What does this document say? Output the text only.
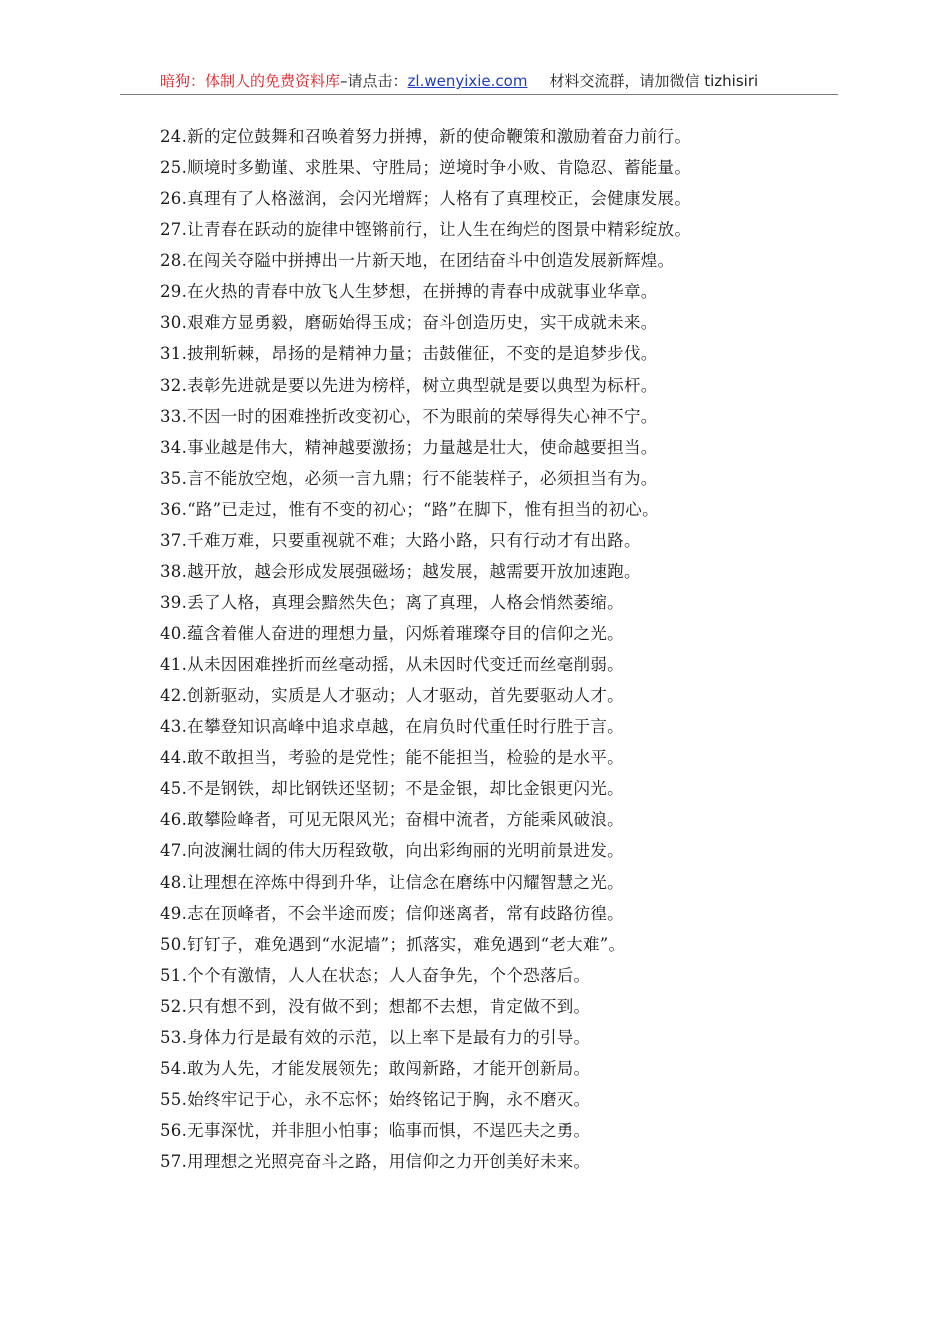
暗狗：体制人的免费资料库–请点击：zl.wenyixie.com 材料交流群，请加微信 tizhisiri
24.新的定位鼓舞和召唤着努力拼搏，新的使命鞭策和激励着奋力前行。
25.顺境时多勤谨、求胜果、守胜局；逆境时争小败、肯隐忍、蓄能量。
26.真理有了人格滋润，会闪光增辉；人格有了真理校正，会健康发展。
27.让青春在跃动的旋律中铿锵前行，让人生在绚烂的图景中精彩绽放。
28.在闯关夺隘中拼搏出一片新天地，在团结奋斗中创造发展新辉煌。
29.在火热的青春中放飞人生梦想，在拼搏的青春中成就事业华章。
30.艰难方显勇毅，磨砺始得玉成；奋斗创造历史，实干成就未来。
31.披荆斩棘，昂扬的是精神力量；击鼓催征，不变的是追梦步伐。
32.表彰先进就是要以先进为榜样，树立典型就是要以典型为标杆。
33.不因一时的困难挫折改变初心，不为眼前的荣辱得失心神不宁。
34.事业越是伟大，精神越要激扬；力量越是壮大，使命越要担当。
35.言不能放空炮，必须一言九鼎；行不能装样子，必须担当有为。
36.“路”已走过，惟有不变的初心；“路”在脚下，惟有担当的初心。
37.千难万难，只要重视就不难；大路小路，只有行动才有出路。
38.越开放，越会形成发展强磁场；越发展，越需要开放加速跑。
39.丢了人格，真理会黯然失色；离了真理，人格会悄然萎缩。
40.蕴含着催人奋进的理想力量，闪烁着璀璨夺目的信仰之光。
41.从未因困难挫折而丝毫动摇，从未因时代变迁而丝毫削弱。
42.创新驱动，实质是人才驱动；人才驱动，首先要驱动人才。
43.在攀登知识高峰中追求卓越，在肩负时代重任时行胜于言。
44.敢不敢担当，考验的是党性；能不能担当，检验的是水平。
45.不是钢铁，却比钢铁还坚韧；不是金银，却比金银更闪光。
46.敢攀险峰者，可见无限风光；奋楫中流者，方能乘风破浪。
47.向波澜壮阔的伟大历程致敬，向出彩绚丽的光明前景进发。
48.让理想在淬炼中得到升华，让信念在磨练中闪耀智慧之光。
49.志在顶峰者，不会半途而废；信仰迷离者，常有歧路彷徨。
50.钉钉子，难免遇到“水泥墙”；抓落实，难免遇到“老大难”。
51.个个有激情，人人在状态；人人奋争先，个个恐落后。
52.只有想不到，没有做不到；想都不去想，肯定做不到。
53.身体力行是最有效的示范，以上率下是最有力的引导。
54.敢为人先，才能发展领先；敢闯新路，才能开创新局。
55.始终牢记于心，永不忘怀；始终铭记于胸，永不磨灭。
56.无事深忧，并非胆小怕事；临事而惧，不逞匹夫之勇。
57.用理想之光照亮奋斗之路，用信仰之力开创美好未来。
